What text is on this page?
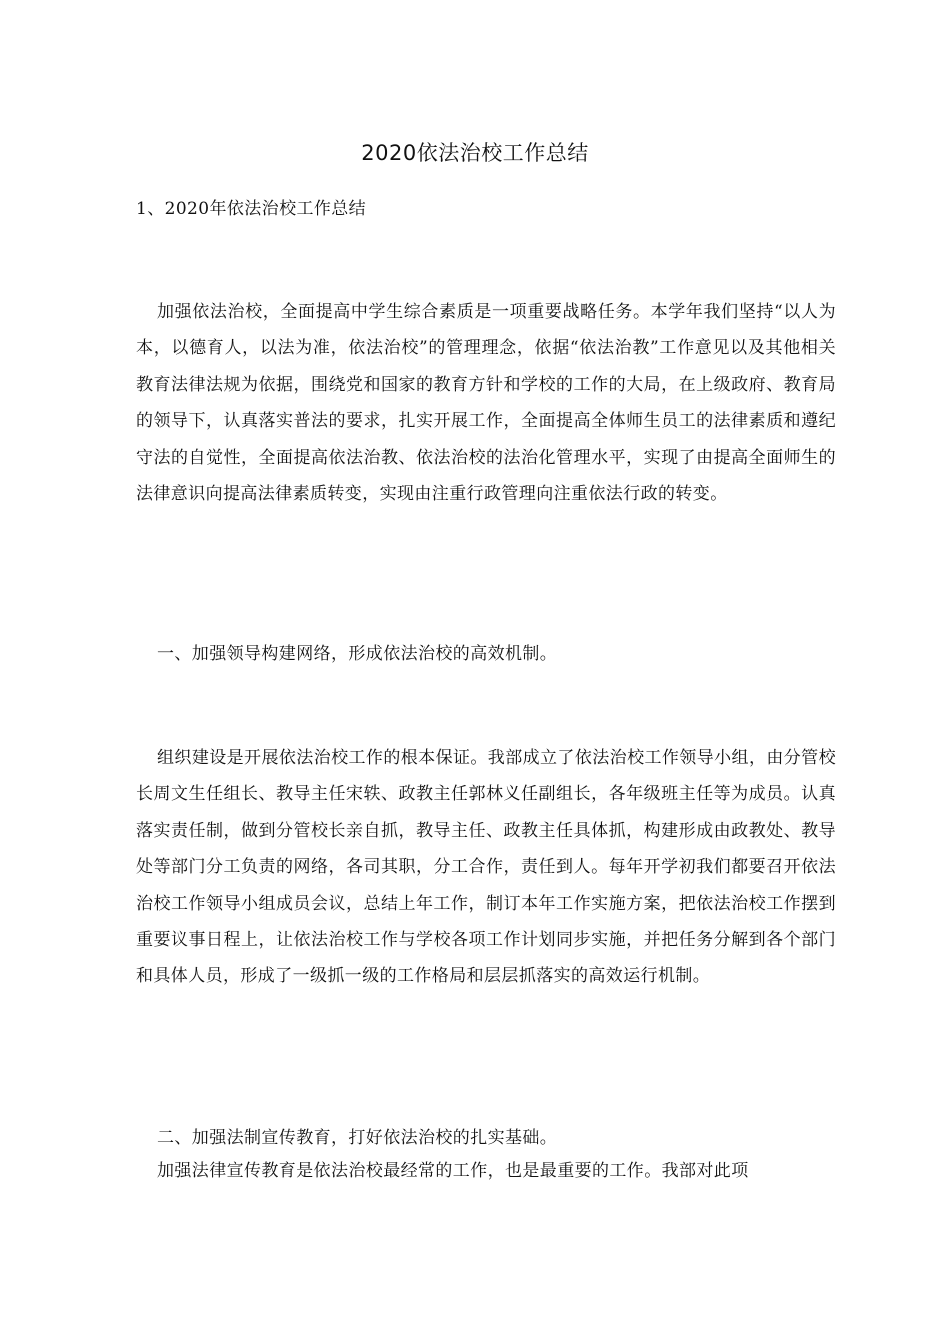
2020依法治校工作总结

1、2020年依法治校工作总结

加强依法治校，全面提高中学生综合素质是一项重要战略任务。本学年我们坚持“以人为本，以德育人，以法为准，依法治校”的管理理念，依据“依法治教”工作意见以及其他相关教育法律法规为依据，围绕党和国家的教育方针和学校的工作的大局，在上级政府、教育局的领导下，认真落实普法的要求，扎实开展工作，全面提高全体师生员工的法律素质和遵纪守法的自觉性，全面提高依法治教、依法治校的法治化管理水平，实现了由提高全面师生的法律意识向提高法律素质转变，实现由注重行政管理向注重依法行政的转变。

一、加强领导构建网络，形成依法治校的高效机制。

组织建设是开展依法治校工作的根本保证。我部成立了依法治校工作领导小组，由分管校长周文生任组长、教导主任宋轶、政教主任郭林义任副组长，各年级班主任等为成员。认真落实责任制，做到分管校长亲自抓，教导主任、政教主任具体抓，构建形成由政教处、教导处等部门分工负责的网络，各司其职，分工合作，责任到人。每年开学初我们都要召开依法治校工作领导小组成员会议，总结上年工作，制订本年工作实施方案，把依法治校工作摆到重要议事日程上，让依法治校工作与学校各项工作计划同步实施，并把任务分解到各个部门和具体人员，形成了一级抓一级的工作格局和层层抓落实的高效运行机制。

二、加强法制宣传教育，打好依法治校的扎实基础。

加强法律宣传教育是依法治校最经常的工作，也是最重要的工作。我部对此项
